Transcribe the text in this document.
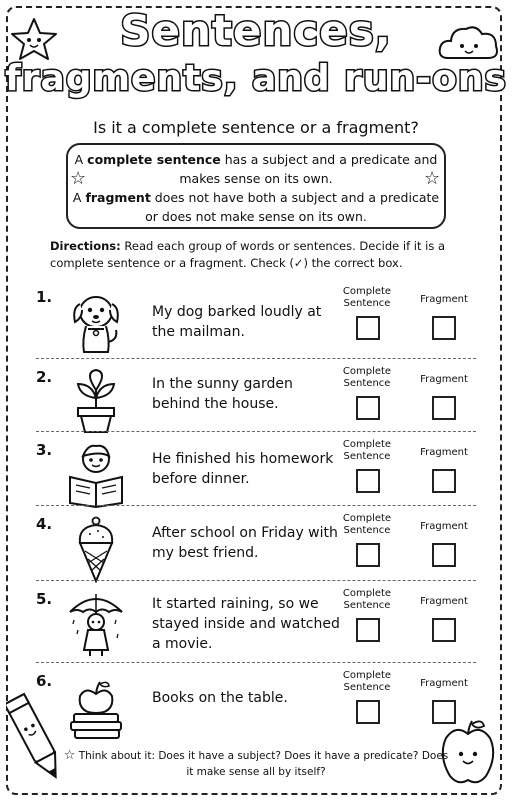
Sentences,
fragments, and run-ons
Is it a complete sentence or a fragment?

A complete sentence has a subject and a predicate and makes sense on its own.

A fragment does not have both a subject and a predicate or does not make sense on its own.

☆	☆
Directions: Read each group of words or sentences. Decide if it is a complete sentence or a fragment. Check (✓) the correct box.
1.
My dog barked loudly at the mailman.
Complete Sentence	Fragment
2.	In the sunny garden behind the house.
Complete Sentence	Fragment
3.	He finished his homework before dinner.
Complete Sentence	Fragment
4.	After school on Friday with my best friend.
Complete Sentence	Fragment
5.	It started raining, so we stayed inside and watched a movie.
Complete Sentence	Fragment
6.
Books on the table.
Complete Sentence	Fragment
☆ Think about it: Does it have a subject? Does it have a predicate? Does it make sense all by itself?
